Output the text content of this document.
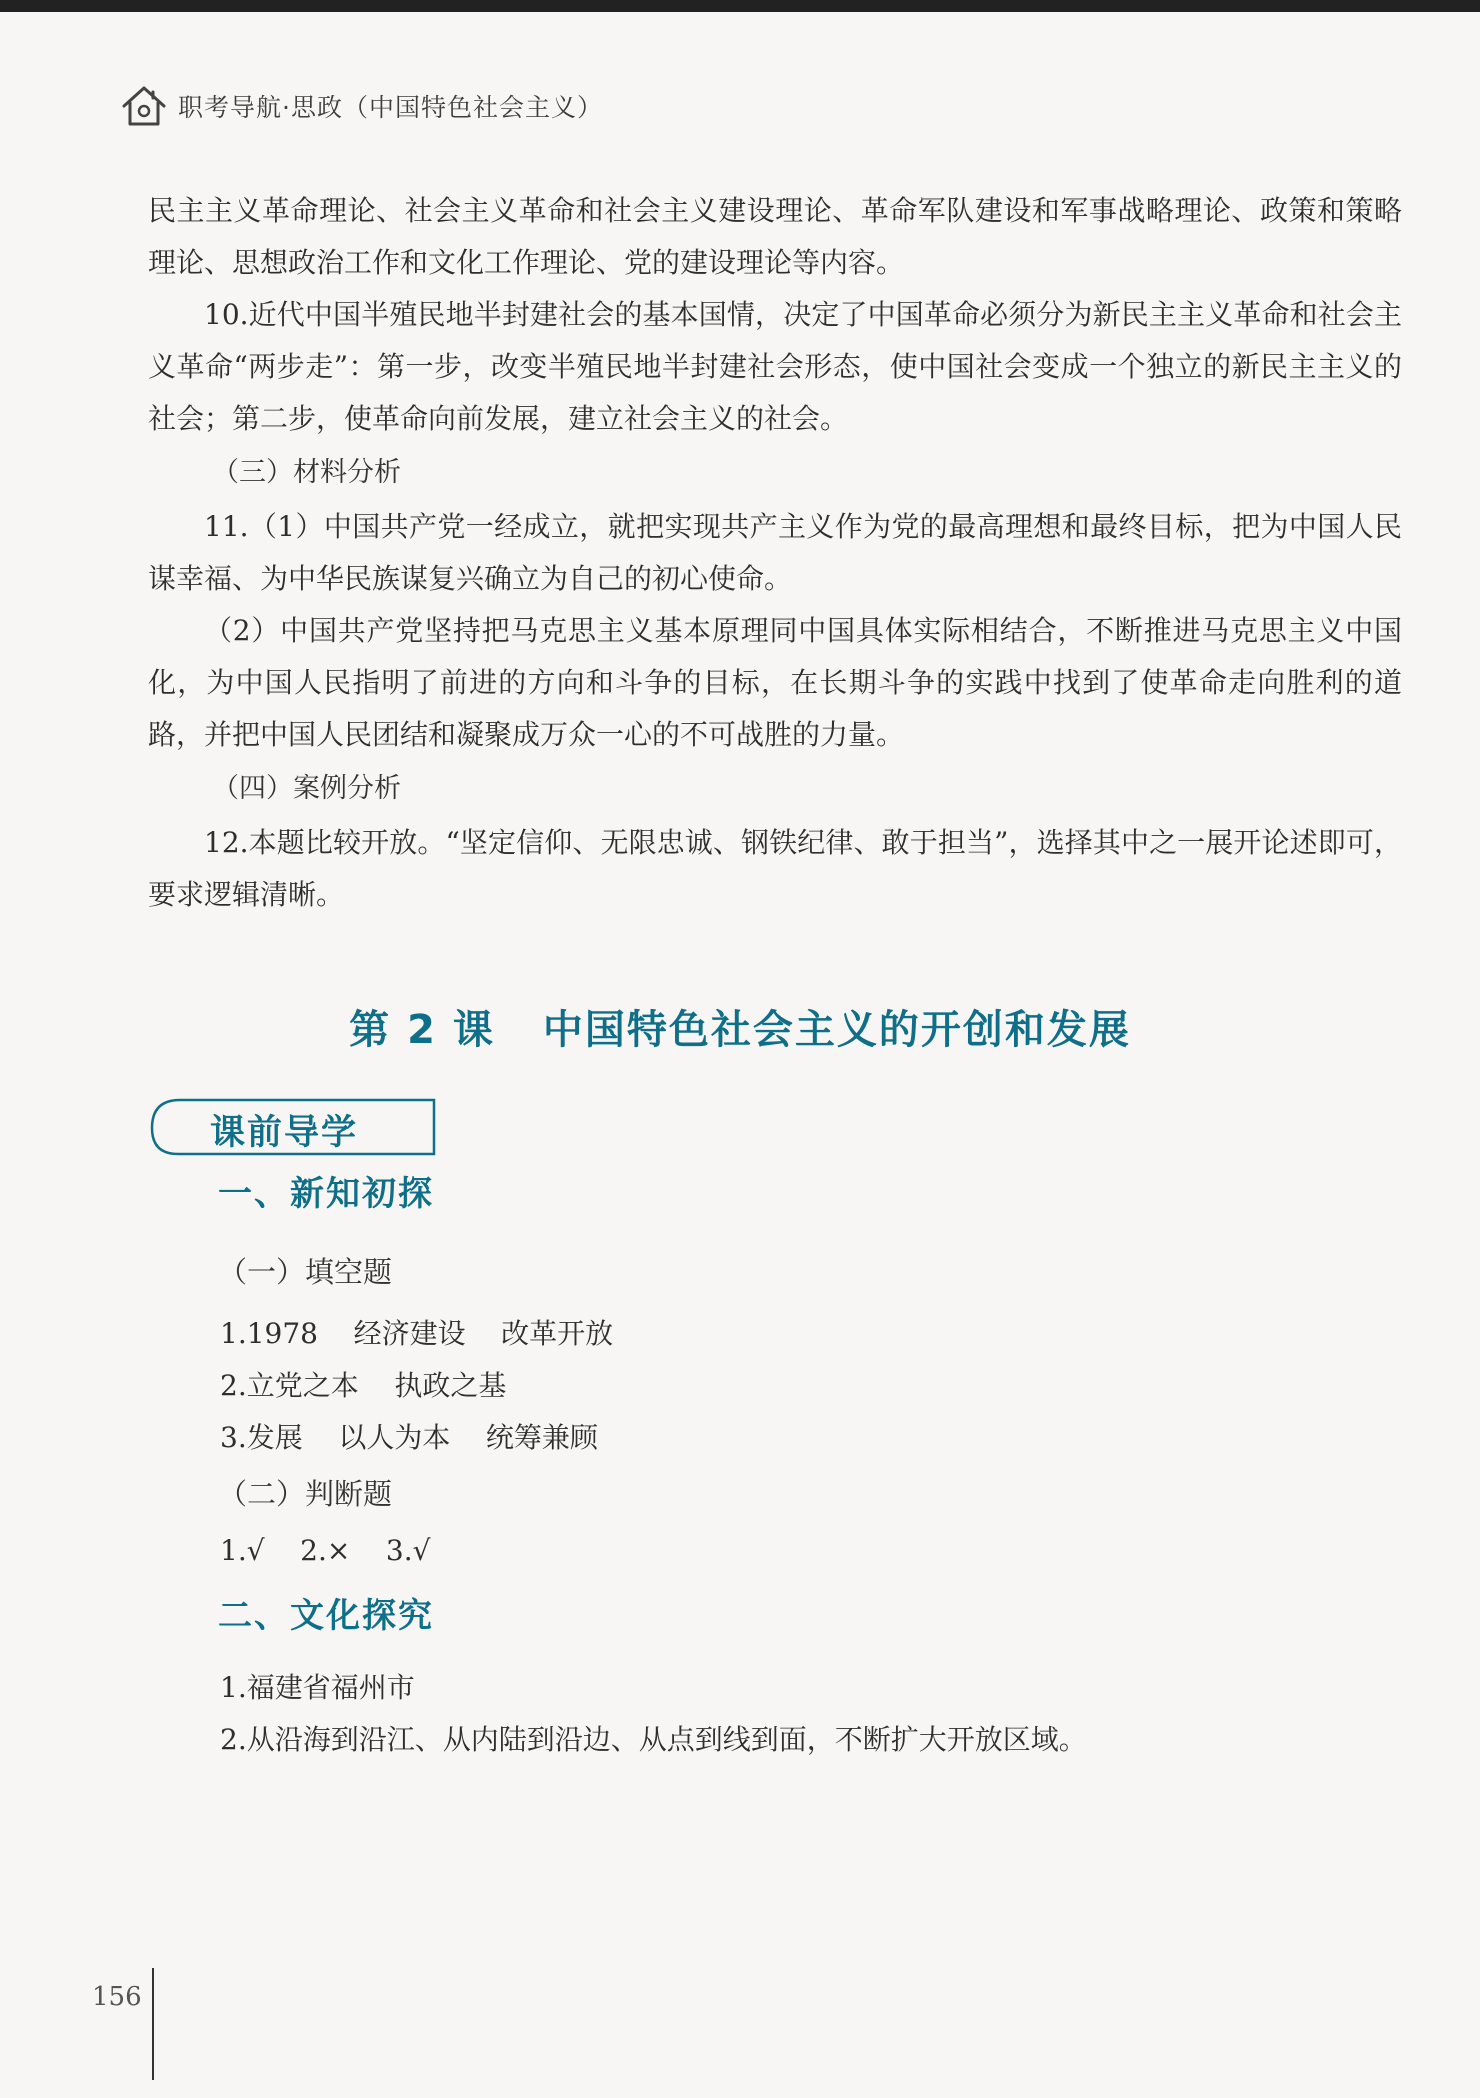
职考导航·思政（中国特色社会主义）

民主主义革命理论、社会主义革命和社会主义建设理论、革命军队建设和军事战略理论、政策和策略理论、思想政治工作和文化工作理论、党的建设理论等内容。

10.近代中国半殖民地半封建社会的基本国情，决定了中国革命必须分为新民主主义革命和社会主义革命“两步走”：第一步，改变半殖民地半封建社会形态，使中国社会变成一个独立的新民主主义的社会；第二步，使革命向前发展，建立社会主义的社会。

（三）材料分析

11.（1）中国共产党一经成立，就把实现共产主义作为党的最高理想和最终目标，把为中国人民谋幸福、为中华民族谋复兴确立为自己的初心使命。

（2）中国共产党坚持把马克思主义基本原理同中国具体实际相结合，不断推进马克思主义中国化，为中国人民指明了前进的方向和斗争的目标，在长期斗争的实践中找到了使革命走向胜利的道路，并把中国人民团结和凝聚成万众一心的不可战胜的力量。

（四）案例分析

12.本题比较开放。“坚定信仰、无限忠诚、钢铁纪律、敢于担当”，选择其中之一展开论述即可，要求逻辑清晰。

第 2 课 中国特色社会主义的开创和发展
课前导学
一、新知初探
（一）填空题
1.1978    经济建设    改革开放
2.立党之本    执政之基
3.发展    以人为本    统筹兼顾
（二）判断题
1.√    2.×    3.√
二、文化探究
1.福建省福州市
2.从沿海到沿江、从内陆到沿边、从点到线到面，不断扩大开放区域。
156
